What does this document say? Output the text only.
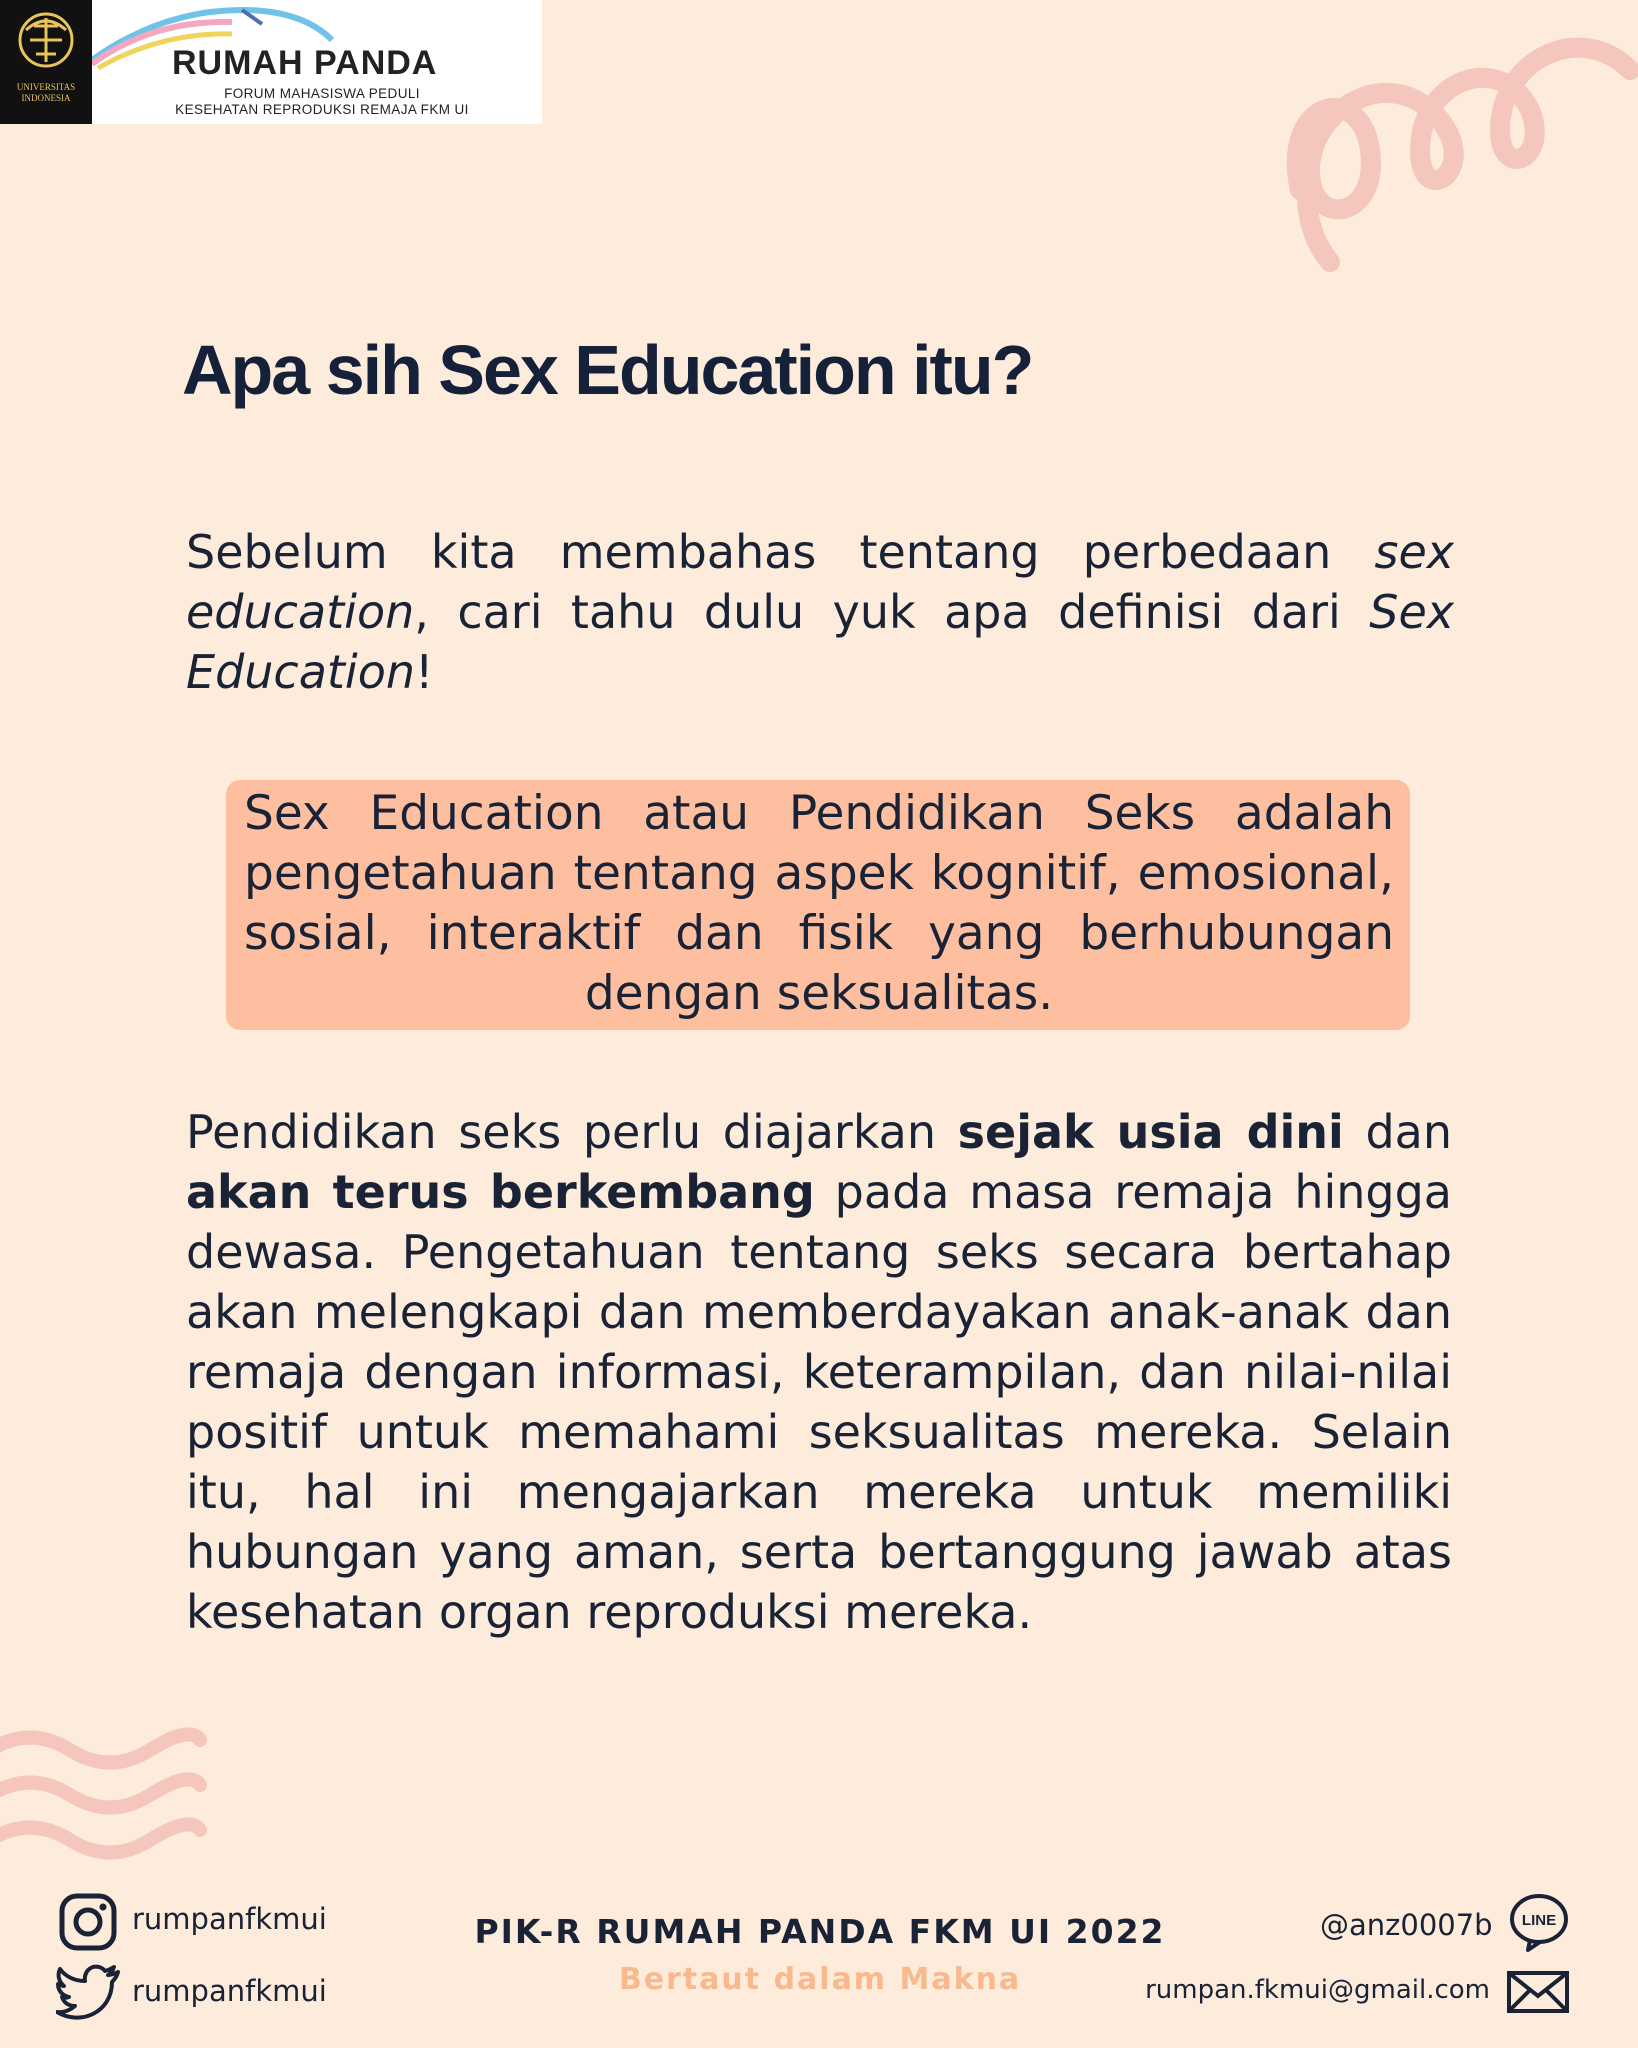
UNIVERSITAS
INDONESIA
RUMAH PANDA
FORUM MAHASISWA PEDULI
KESEHATAN REPRODUKSI REMAJA FKM UI
Apa sih Sex Education itu?
Sebelum kita membahas tentang perbedaan sex education, cari tahu dulu yuk apa definisi dari Sex
Education!
Sex Education atau Pendidikan Seks adalah pengetahuan tentang aspek kognitif, emosional, sosial, interaktif dan fisik yang berhubungan dengan seksualitas.
Pendidikan seks perlu diajarkan sejak usia dini dan akan terus berkembang pada masa remaja hingga dewasa. Pengetahuan tentang seks secara bertahap akan melengkapi dan memberdayakan anak-anak dan remaja dengan informasi, keterampilan, dan nilai-nilai positif untuk memahami seksualitas mereka. Selain itu, hal ini mengajarkan mereka untuk memiliki hubungan yang aman, serta bertanggung jawab atas kesehatan organ reproduksi mereka.
rumpanfkmui
rumpanfkmui
PIK-R RUMAH PANDA FKM UI 2022
Bertaut dalam Makna
@anz0007b LINE
rumpan.fkmui@gmail.com
